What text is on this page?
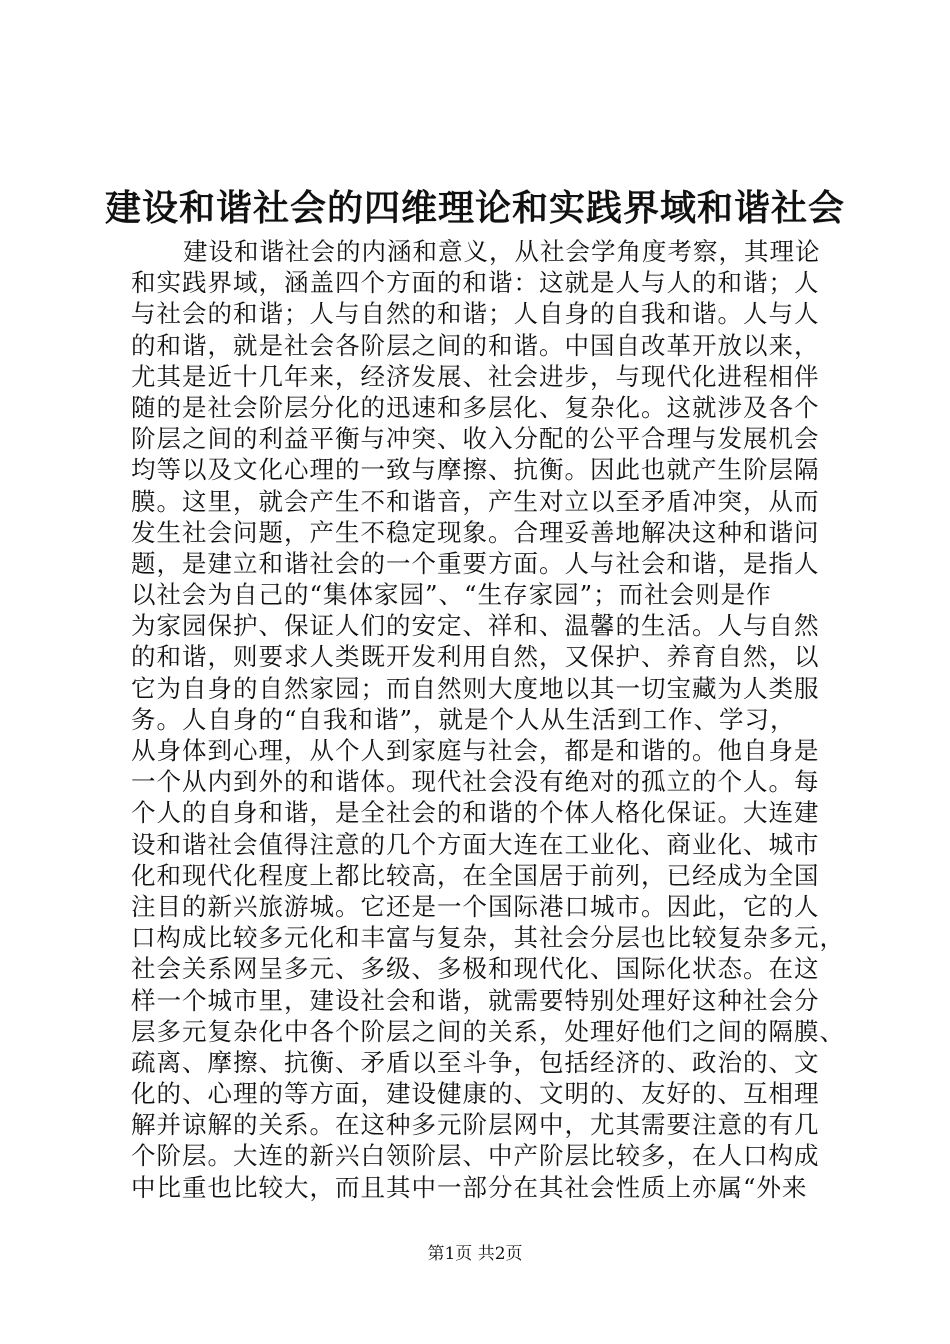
建设和谐社会的四维理论和实践界域和谐社会
建设和谐社会的内涵和意义，从社会学角度考察，其理论
和实践界域，涵盖四个方面的和谐：这就是人与人的和谐；人
与社会的和谐；人与自然的和谐；人自身的自我和谐。人与人
的和谐，就是社会各阶层之间的和谐。中国自改革开放以来，
尤其是近十几年来，经济发展、社会进步，与现代化进程相伴
随的是社会阶层分化的迅速和多层化、复杂化。这就涉及各个
阶层之间的利益平衡与冲突、收入分配的公平合理与发展机会
均等以及文化心理的一致与摩擦、抗衡。因此也就产生阶层隔
膜。这里，就会产生不和谐音，产生对立以至矛盾冲突，从而
发生社会问题，产生不稳定现象。合理妥善地解决这种和谐问
题，是建立和谐社会的一个重要方面。人与社会和谐，是指人
以社会为自己的“集体家园”、“生存家园”；而社会则是作
为家园保护、保证人们的安定、祥和、温馨的生活。人与自然
的和谐，则要求人类既开发利用自然，又保护、养育自然，以
它为自身的自然家园；而自然则大度地以其一切宝藏为人类服
务。人自身的“自我和谐”，就是个人从生活到工作、学习，
从身体到心理，从个人到家庭与社会，都是和谐的。他自身是
一个从内到外的和谐体。现代社会没有绝对的孤立的个人。每
个人的自身和谐，是全社会的和谐的个体人格化保证。大连建
设和谐社会值得注意的几个方面大连在工业化、商业化、城市
化和现代化程度上都比较高，在全国居于前列，已经成为全国
注目的新兴旅游城。它还是一个国际港口城市。因此，它的人
口构成比较多元化和丰富与复杂，其社会分层也比较复杂多元，
社会关系网呈多元、多级、多极和现代化、国际化状态。在这
样一个城市里，建设社会和谐，就需要特别处理好这种社会分
层多元复杂化中各个阶层之间的关系，处理好他们之间的隔膜、
疏离、摩擦、抗衡、矛盾以至斗争，包括经济的、政治的、文
化的、心理的等方面，建设健康的、文明的、友好的、互相理
解并谅解的关系。在这种多元阶层网中，尤其需要注意的有几
个阶层。大连的新兴白领阶层、中产阶层比较多，在人口构成
中比重也比较大，而且其中一部分在其社会性质上亦属“外来
第1页 共2页
